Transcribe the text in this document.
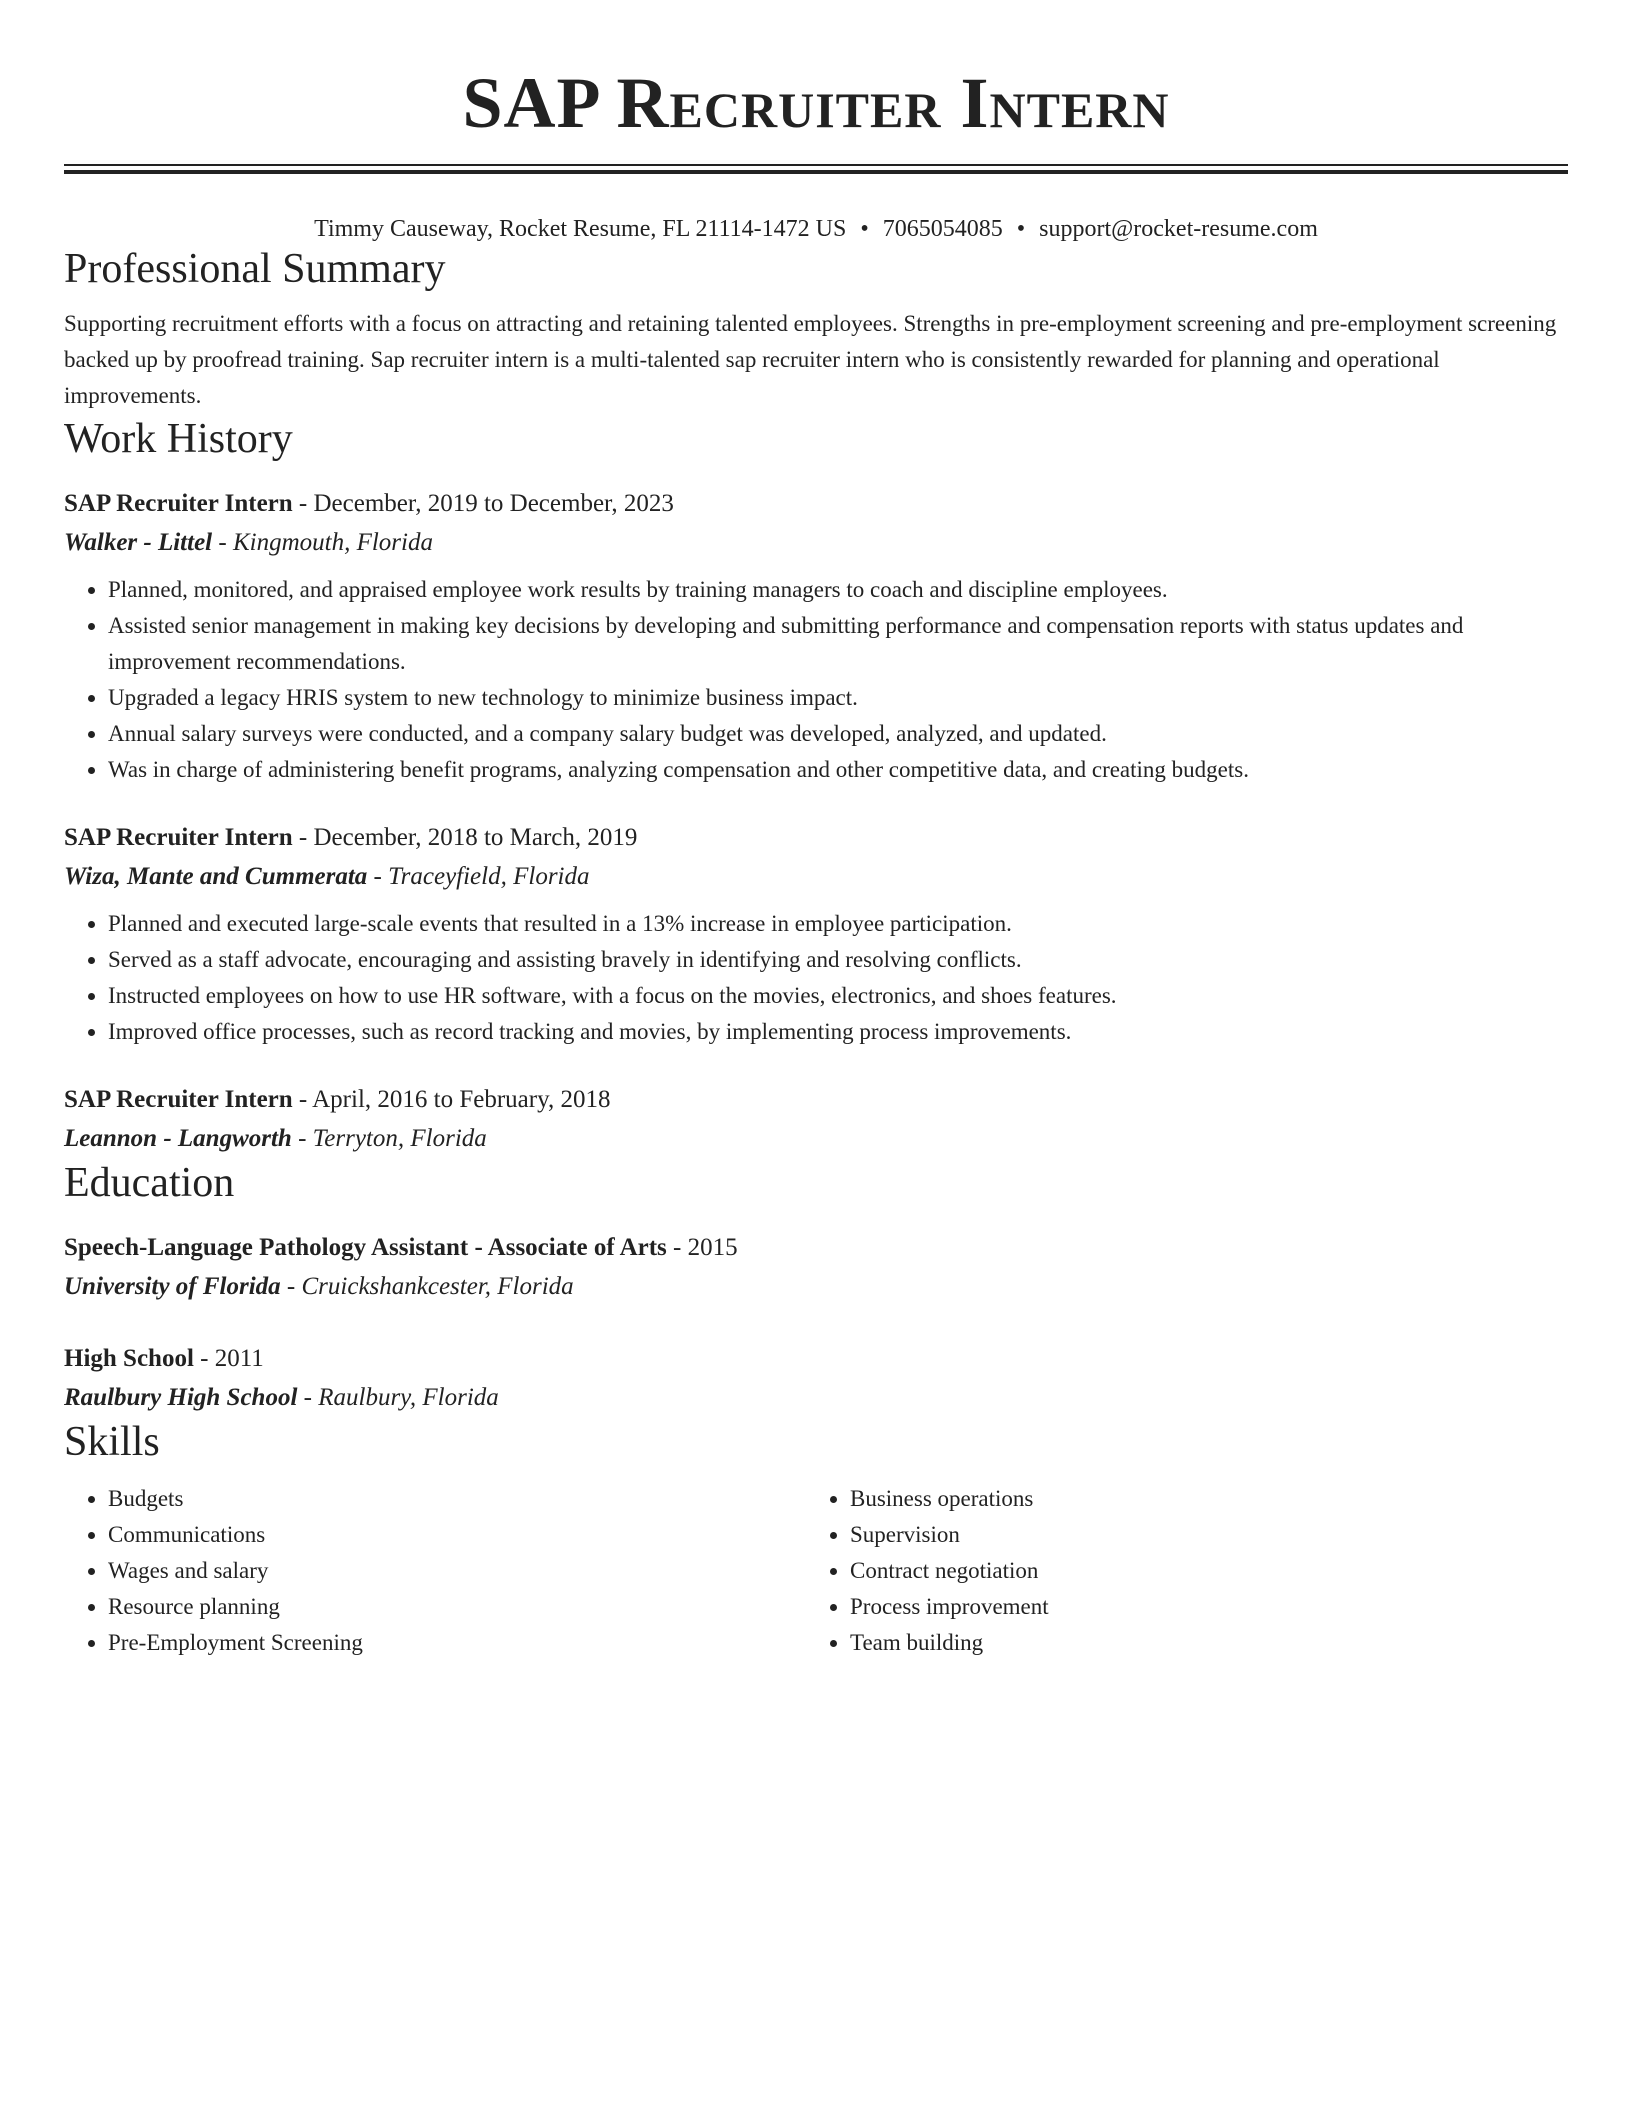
SAP Recruiter Intern
Timmy Causeway, Rocket Resume, FL 21114-1472 US • 7065054085 • support@rocket-resume.com
Professional Summary

Supporting recruitment efforts with a focus on attracting and retaining talented employees. Strengths in pre-employment screening and pre-employment screening backed up by proofread training. Sap recruiter intern is a multi-talented sap recruiter intern who is consistently rewarded for planning and operational improvements.

Work History
SAP Recruiter Intern - December, 2019 to December, 2023
Walker - Littel - Kingmouth, Florida
• Planned, monitored, and appraised employee work results by training managers to coach and discipline employees.
• Assisted senior management in making key decisions by developing and submitting performance and compensation reports with status updates and improvement recommendations.
• Upgraded a legacy HRIS system to new technology to minimize business impact.
• Annual salary surveys were conducted, and a company salary budget was developed, analyzed, and updated.
• Was in charge of administering benefit programs, analyzing compensation and other competitive data, and creating budgets.
SAP Recruiter Intern - December, 2018 to March, 2019
Wiza, Mante and Cummerata - Traceyfield, Florida
• Planned and executed large-scale events that resulted in a 13% increase in employee participation.
• Served as a staff advocate, encouraging and assisting bravely in identifying and resolving conflicts.
• Instructed employees on how to use HR software, with a focus on the movies, electronics, and shoes features.
• Improved office processes, such as record tracking and movies, by implementing process improvements.
SAP Recruiter Intern - April, 2016 to February, 2018
Leannon - Langworth - Terryton, Florida
Education
Speech-Language Pathology Assistant - Associate of Arts - 2015
University of Florida - Cruickshankcester, Florida
High School - 2011
Raulbury High School - Raulbury, Florida
Skills
• Budgets
• Communications
• Wages and salary
• Resource planning
• Pre-Employment Screening
• Business operations
• Supervision
• Contract negotiation
• Process improvement
• Team building
